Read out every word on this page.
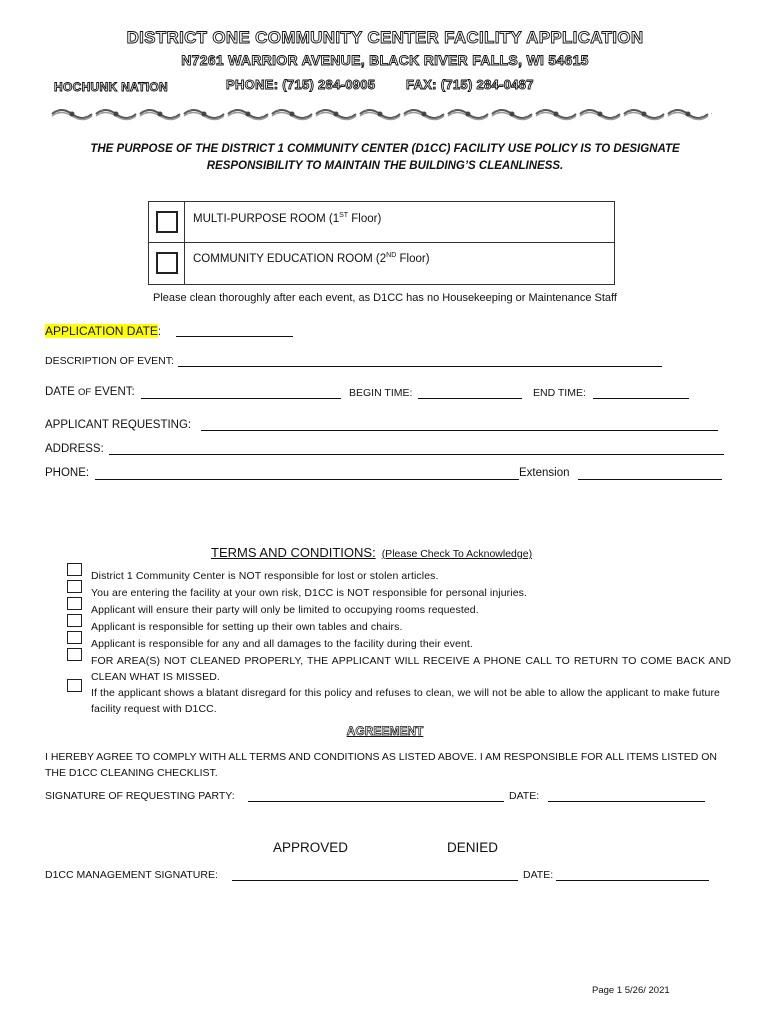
DISTRICT ONE COMMUNITY CENTER FACILITY APPLICATION
N7261 WARRIOR AVENUE, BLACK RIVER FALLS, WI 54615
HOCHUNK NATION	PHONE: (715) 284-0905 FAX: (715) 284-0487
THE PURPOSE OF THE DISTRICT 1 COMMUNITY CENTER (D1CC) FACILITY USE POLICY IS TO DESIGNATE
RESPONSIBILITY TO MAINTAIN THE BUILDING’S CLEANLINESS.
MULTI-PURPOSE ROOM (1ST Floor)
COMMUNITY EDUCATION ROOM (2ND Floor)
Please clean thoroughly after each event, as D1CC has no Housekeeping or Maintenance Staff
APPLICATION DATE:
DESCRIPTION OF EVENT:
DATE OF EVENT:	BEGIN TIME:	END TIME:
APPLICANT REQUESTING:
ADDRESS:
PHONE:	Extension
TERMS AND CONDITIONS: (Please Check To Acknowledge)
District 1 Community Center is NOT responsible for lost or stolen articles.
You are entering the facility at your own risk, D1CC is NOT responsible for personal injuries.
Applicant will ensure their party will only be limited to occupying rooms requested.
Applicant is responsible for setting up their own tables and chairs.
Applicant is responsible for any and all damages to the facility during their event.
FOR AREA(S) NOT CLEANED PROPERLY, THE APPLICANT WILL RECEIVE A PHONE CALL TO RETURN TO COME BACK AND CLEAN WHAT IS MISSED.
If the applicant shows a blatant disregard for this policy and refuses to clean, we will not be able to allow the applicant to make future facility request with D1CC.
AGREEMENT
I HEREBY AGREE TO COMPLY WITH ALL TERMS AND CONDITIONS AS LISTED ABOVE. I AM RESPONSIBLE FOR ALL ITEMS LISTED ON THE D1CC CLEANING CHECKLIST.
SIGNATURE OF REQUESTING PARTY:	DATE:
APPROVED	DENIED
D1CC MANAGEMENT SIGNATURE:	DATE:
Page 1 5/26/ 2021
